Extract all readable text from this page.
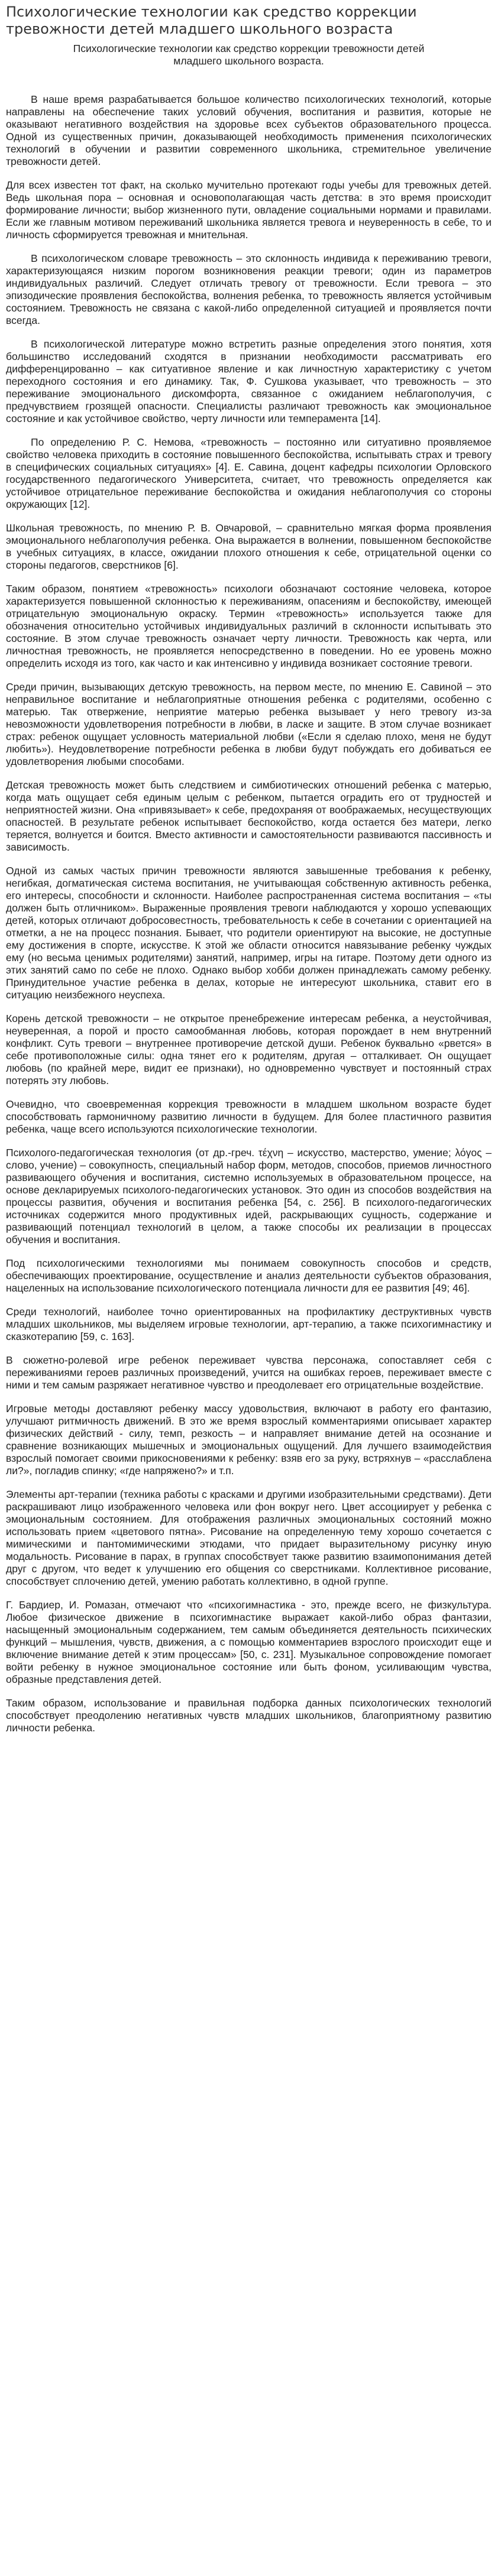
Психологические технологии как средство коррекции тревожности детей младшего школьного возраста

Психологические технологии как средство коррекции тревожности детей младшего школьного возраста.

В наше время разрабатывается большое количество психологических технологий, которые направлены на обеспечение таких условий обучения, воспитания и развития, которые не оказывают негативного воздействия на здоровье всех субъектов образовательного процесса. Одной из существенных причин, доказывающей необходимость применения психологических технологий в обучении и развитии современного школьника, стремительное увеличение тревожности детей.

Для всех известен тот факт, на сколько мучительно протекают годы учебы для тревожных детей. Ведь школьная пора – основная и основополагающая часть детства: в это время происходит формирование личности; выбор жизненного пути, овладение социальными нормами и правилами. Если же главным мотивом переживаний школьника является тревога и неуверенность в себе, то и личность сформируется тревожная и мнительная.

В психологическом словаре тревожность – это склонность индивида к переживанию тревоги, характеризующаяся низким порогом возникновения реакции тревоги; один из параметров индивидуальных различий. Следует отличать тревогу от тревожности. Если тревога – это эпизодические проявления беспокойства, волнения ребенка, то тревожность является устойчивым состоянием. Тревожность не связана с какой-либо определенной ситуацией и проявляется почти всегда.

В психологической литературе можно встретить разные определения этого понятия, хотя большинство исследований сходятся в признании необходимости рассматривать его дифференцированно – как ситуативное явление и как личностную характеристику с учетом переходного состояния и его динамику. Так, Ф. Сушкова указывает, что тревожность – это переживание эмоционального дискомфорта, связанное с ожиданием неблагополучия, с предчувствием грозящей опасности. Специалисты различают тревожность как эмоциональное состояние и как устойчивое свойство, черту личности или темперамента [14].

По определению Р. С. Немова, «тревожность – постоянно или ситуативно проявляемое свойство человека приходить в состояние повышенного беспокойства, испытывать страх и тревогу в специфических социальных ситуациях» [4]. Е. Савина, доцент кафедры психологии Орловского государственного педагогического Университета, считает, что тревожность определяется как устойчивое отрицательное переживание беспокойства и ожидания неблагополучия со стороны окружающих [12].

Школьная тревожность, по мнению Р. В. Овчаровой, – сравнительно мягкая форма проявления эмоционального неблагополучия ребенка. Она выражается в волнении, повышенном беспокойстве в учебных ситуациях, в классе, ожидании плохого отношения к себе, отрицательной оценки со стороны педагогов, сверстников [6].

Таким образом, понятием «тревожность» психологи обозначают состояние человека, которое характеризуется повышенной склонностью к переживаниям, опасениям и беспокойству, имеющей отрицательную эмоциональную окраску. Термин «тревожность» используется также для обозначения относительно устойчивых индивидуальных различий в склонности испытывать это состояние. В этом случае тревожность означает черту личности. Тревожность как черта, или личностная тревожность, не проявляется непосредственно в поведении. Но ее уровень можно определить исходя из того, как часто и как интенсивно у индивида возникает состояние тревоги.

Среди причин, вызывающих детскую тревожность, на первом месте, по мнению Е. Савиной – это неправильное воспитание и неблагоприятные отношения ребенка с родителями, особенно с матерью. Так отвержение, неприятие матерью ребенка вызывает у него тревогу из-за невозможности удовлетворения потребности в любви, в ласке и защите. В этом случае возникает страх: ребенок ощущает условность материальной любви («Если я сделаю плохо, меня не будут любить»). Неудовлетворение потребности ребенка в любви будут побуждать его добиваться ее удовлетворения любыми способами.

Детская тревожность может быть следствием и симбиотических отношений ребенка с матерью, когда мать ощущает себя единым целым с ребенком, пытается оградить его от трудностей и неприятностей жизни. Она «привязывает» к себе, предохраняя от воображаемых, несуществующих опасностей. В результате ребенок испытывает беспокойство, когда остается без матери, легко теряется, волнуется и боится. Вместо активности и самостоятельности развиваются пассивность и зависимость.

Одной из самых частых причин тревожности являются завышенные требования к ребенку, негибкая, догматическая система воспитания, не учитывающая собственную активность ребенка, его интересы, способности и склонности. Наиболее распространенная система воспитания – «ты должен быть отличником». Выраженные проявления тревоги наблюдаются у хорошо успевающих детей, которых отличают добросовестность, требовательность к себе в сочетании с ориентацией на отметки, а не на процесс познания. Бывает, что родители ориентируют на высокие, не доступные ему достижения в спорте, искусстве. К этой же области относится навязывание ребенку чуждых ему (но весьма ценимых родителями) занятий, например, игры на гитаре. Поэтому дети одного из этих занятий само по себе не плохо. Однако выбор хобби должен принадлежать самому ребенку. Принудительное участие ребенка в делах, которые не интересуют школьника, ставит его в ситуацию неизбежного неуспеха.

Корень детской тревожности – не открытое пренебрежение интересам ребенка, а неустойчивая, неуверенная, а порой и просто самообманная любовь, которая порождает в нем внутренний конфликт. Суть тревоги – внутреннее противоречие детской души. Ребенок буквально «рвется» в себе противоположные силы: одна тянет его к родителям, другая – отталкивает. Он ощущает любовь (по крайней мере, видит ее признаки), но одновременно чувствует и постоянный страх потерять эту любовь.

Очевидно, что своевременная коррекция тревожности в младшем школьном возрасте будет способствовать гармоничному развитию личности в будущем. Для более пластичного развития ребенка, чаще всего используются психологические технологии.

Психолого-педагогическая технология (от др.-греч. τέχνη – искусство, мастерство, умение; λόγος – слово, учение) – совокупность, специальный набор форм, методов, способов, приемов личностного развивающего обучения и воспитания, системно используемых в образовательном процессе, на основе декларируемых психолого-педагогических установок. Это один из способов воздействия на процессы развития, обучения и воспитания ребенка [54, с. 256]. В психолого-педагогических источниках содержится много продуктивных идей, раскрывающих сущность, содержание и развивающий потенциал технологий в целом, а также способы их реализации в процессах обучения и воспитания.

Под психологическими технологиями мы понимаем совокупность способов и средств, обеспечивающих проектирование, осуществление и анализ деятельности субъектов образования, нацеленных на использование психологического потенциала личности для ее развития [49; 46].

Среди технологий, наиболее точно ориентированных на профилактику деструктивных чувств младших школьников, мы выделяем игровые технологии, арт-терапию, а также психогимнастику и сказкотерапию [59, с. 163].

В сюжетно-ролевой игре ребенок переживает чувства персонажа, сопоставляет себя с переживаниями героев различных произведений, учится на ошибках героев, переживает вместе с ними и тем самым разряжает негативное чувство и преодолевает его отрицательные воздействие.

Игровые методы доставляют ребенку массу удовольствия, включают в работу его фантазию, улучшают ритмичность движений. В это же время взрослый комментариями описывает характер физических действий - силу, темп, резкость – и направляет внимание детей на осознание и сравнение возникающих мышечных и эмоциональных ощущений. Для лучшего взаимодействия взрослый помогает своими прикосновениями к ребенку: взяв его за руку, встряхнув – «расслаблена ли?», погладив спинку; «где напряжено?» и т.п.

Элементы арт-терапии (техника работы с красками и другими изобразительными средствами). Дети раскрашивают лицо изображенного человека или фон вокруг него. Цвет ассоциирует у ребенка с эмоциональным состоянием. Для отображения различных эмоциональных состояний можно использовать прием «цветового пятна». Рисование на определенную тему хорошо сочетается с мимическими и пантомимическими этюдами, что придает выразительному рисунку иную модальность. Рисование в парах, в группах способствует также развитию взаимопонимания детей друг с другом, что ведет к улучшению его общения со сверстниками. Коллективное рисование, способствует сплочению детей, умению работать коллективно, в одной группе.

Г. Бардиер, И. Ромазан, отмечают что «психогимнастика - это, прежде всего, не физкультура. Любое физическое движение в психогимнастике выражает какой-либо образ фантазии, насыщенный эмоциональным содержанием, тем самым объединяется деятельность психических функций – мышления, чувств, движения, а с помощью комментариев взрослого происходит еще и включение внимание детей к этим процессам» [50, с. 231]. Музыкальное сопровождение помогает войти ребенку в нужное эмоциональное состояние или быть фоном, усиливающим чувства, образные представления детей.

Таким образом, использование и правильная подборка данных психологических технологий способствует преодолению негативных чувств младших школьников, благоприятному развитию личности ребенка.
